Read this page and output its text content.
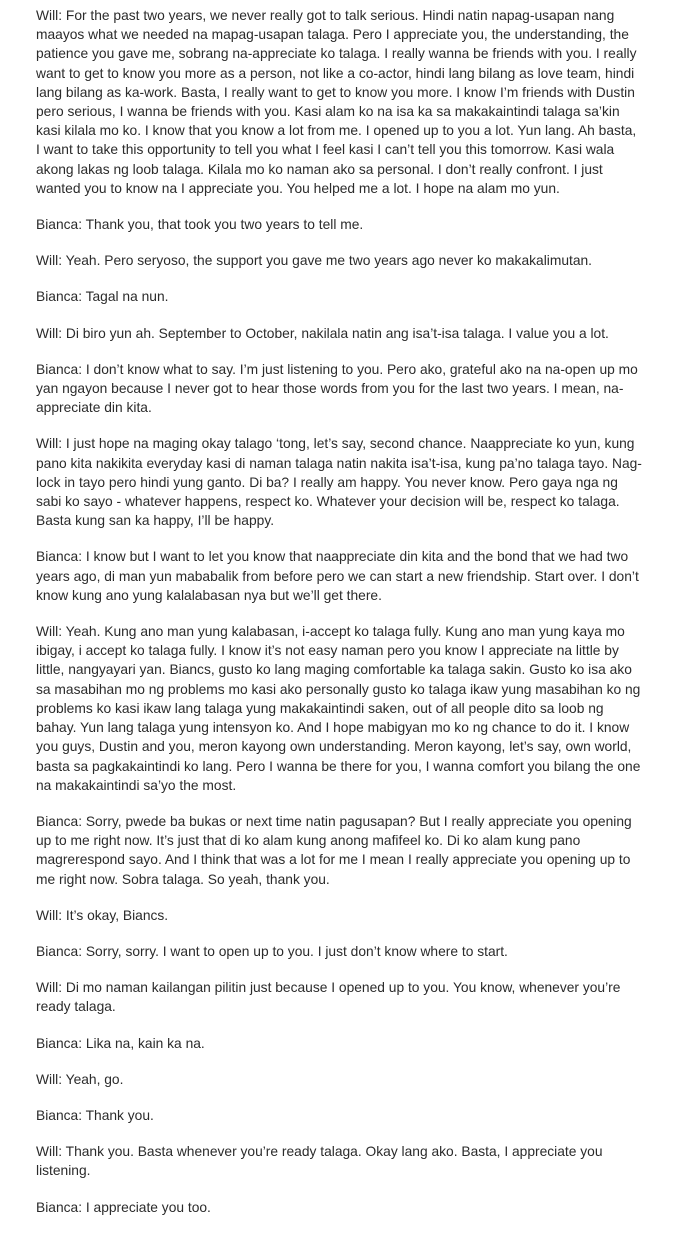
Will: For the past two years, we never really got to talk serious. Hindi natin napag-usapan nang maayos what we needed na mapag-usapan talaga. Pero I appreciate you, the understanding, the patience you gave me, sobrang na-appreciate ko talaga. I really wanna be friends with you. I really want to get to know you more as a person, not like a co-actor, hindi lang bilang as love team, hindi lang bilang as ka-work. Basta, I really want to get to know you more. I know I’m friends with Dustin pero serious, I wanna be friends with you. Kasi alam ko na isa ka sa makakaintindi talaga sa’kin kasi kilala mo ko. I know that you know a lot from me. I opened up to you a lot. Yun lang. Ah basta, I want to take this opportunity to tell you what I feel kasi I can’t tell you this tomorrow. Kasi wala akong lakas ng loob talaga. Kilala mo ko naman ako sa personal. I don’t really confront. I just wanted you to know na I appreciate you. You helped me a lot. I hope na alam mo yun.

Bianca: Thank you, that took you two years to tell me.

Will: Yeah. Pero seryoso, the support you gave me two years ago never ko makakalimutan.

Bianca: Tagal na nun.

Will: Di biro yun ah. September to October, nakilala natin ang isa’t-isa talaga. I value you a lot.

Bianca: I don’t know what to say. I’m just listening to you. Pero ako, grateful ako na na-open up mo yan ngayon because I never got to hear those words from you for the last two years. I mean, na-appreciate din kita.

Will: I just hope na maging okay talago ‘tong, let’s say, second chance. Naappreciate ko yun, kung pano kita nakikita everyday kasi di naman talaga natin nakita isa’t-isa, kung pa’no talaga tayo. Nag-lock in tayo pero hindi yung ganto. Di ba? I really am happy. You never know. Pero gaya nga ng sabi ko sayo - whatever happens, respect ko. Whatever your decision will be, respect ko talaga. Basta kung san ka happy, I’ll be happy.

Bianca: I know but I want to let you know that naappreciate din kita and the bond that we had two years ago, di man yun mababalik from before pero we can start a new friendship. Start over. I don’t know kung ano yung kalalabasan nya but we’ll get there.

Will: Yeah. Kung ano man yung kalabasan, i-accept ko talaga fully. Kung ano man yung kaya mo ibigay, i accept ko talaga fully. I know it’s not easy naman pero you know I appreciate na little by little, nangyayari yan. Biancs, gusto ko lang maging comfortable ka talaga sakin. Gusto ko isa ako sa masabihan mo ng problems mo kasi ako personally gusto ko talaga ikaw yung masabihan ko ng problems ko kasi ikaw lang talaga yung makakaintindi saken, out of all people dito sa loob ng bahay. Yun lang talaga yung intensyon ko. And I hope mabigyan mo ko ng chance to do it. I know you guys, Dustin and you, meron kayong own understanding. Meron kayong, let’s say, own world, basta sa pagkakaintindi ko lang. Pero I wanna be there for you, I wanna comfort you bilang the one na makakaintindi sa’yo the most.

Bianca: Sorry, pwede ba bukas or next time natin pagusapan? But I really appreciate you opening up to me right now. It’s just that di ko alam kung anong mafifeel ko. Di ko alam kung pano magrerespond sayo. And I think that was a lot for me I mean I really appreciate you opening up to me right now. Sobra talaga. So yeah, thank you.

Will: It’s okay, Biancs.

Bianca: Sorry, sorry. I want to open up to you. I just don’t know where to start.

Will: Di mo naman kailangan pilitin just because I opened up to you. You know, whenever you’re ready talaga.

Bianca: Lika na, kain ka na.

Will: Yeah, go.

Bianca: Thank you.

Will: Thank you. Basta whenever you’re ready talaga. Okay lang ako. Basta, I appreciate you listening.

Bianca: I appreciate you too.
